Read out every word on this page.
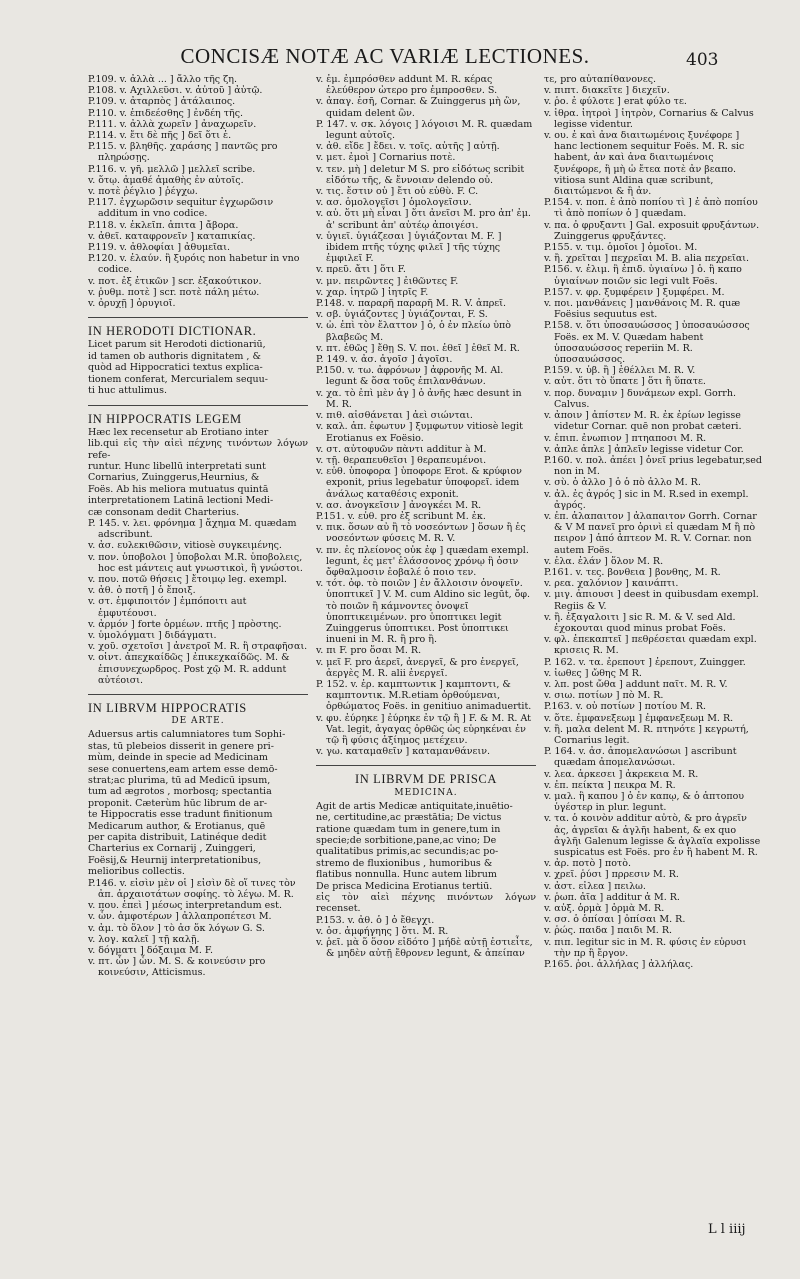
CONCISÆ NOTÆ AC VARIÆ LECTIONES.	403

P.109. v. ἀλλὰ ... ] ἄλλο τῆς ζη.

P.108. v. Αχιλλεῦσι. v. ἀὐτοῦ ] ἀὐτῷ.

P.109. v. ἀταρπὸς ] ἀτάλαιπος.

P.110. v. ἐπιδεέσθης ] ἐνδέη τῆς.

P.111. v. ἀλλὰ χωρεῖν ] ἀναχωρεῖν.

P.114. v. ἔτι δὲ πῆς ] δεῖ ὅτι ἐ.

P.115. v. βληθῆς. χαράσης ] παντῶς pro πληρώσῃς.

P.116. v. γῆ. μελλῶ ] μελλεῖ scribe.

v. ὅτῳ. ἀμαθέ ἀμαθὴς ἐν αὐτοῖς.

v. ποτὲ ῥέγλιο ] ῥέγχω.

P.117. ἐγχωρῶσιν sequitur ἐγχωρῶσιν additum in vno codice.

P.118. v. ἐκλεῖπ. ἀπιτα ] ἄβορα.

v. ἀθεῖ. καταφρονεῖν ] καταπικίας.

P.119. v. ἀθλοφίαι ] ἀθυμεῖαι.

P.120. v. ἐλαύν. ἢ ξυρόις non habetur in vno codice.

v. ποτ. ἐξ ἐτικῶν ] scr. ἐξακούτικον.

v. ῥυθμ. ποτὲ ] scr. ποτὲ πάλη μέτω.

v. ὀρυχῇ ] ὀρυγιοῖ.

IN HERODOTI DICTIONAR.
Licet parum sit Herodoti dictionariū,
id tamen ob authoris dignitatem , &
quòd ad Hippocratici textus explica-
tionem conferat, Mercurialem sequu-
ti huc attulimus.
IN HIPPOCRATIS LEGEM
Hæc lex recensetur ab Erotiano inter
lib.qui εἰς τὴν αἰεὶ πέχνης τινόντων λόγων refe-
runtur. Hunc libellū interpretati sunt
Cornarius, Zuinggerus,Heurnius, &
Foës. Ab his meliora mutuatus quintā
interpretationem Latinā lectioni Medi-
cæ consonam dedit Charterius.

P. 145. v. λει. φρόνημα ] ἄχημα M. quædam adscribunt.

v. ἀσ. ευλεκιθῶσιν, vitiosè συγκειμένης.

v. πον. ὑποβολοι ] ὑποβολαι M.R. ὑποβολεις, hoc est μάντεις aut γνωστικοὶ, ἢ γνώστοι.

v. που. ποτῶ θήσεις ] ἔτοιμῳ leg. exempl.

v. ἀθ. ὁ ποτῆ ] ὁ ἔποιξ.

v. στ. ἐμφιποιτόν ] ἐμπόποιτι aut ἐμφυτέουσι.

v. ἀρμόν ] forte ὁρμέων. πτῆς ] πρὸστης.

v. ὑμολόγματι ] διδάγματι.

v. χοῦ. σχετοῖσι ] ἀνετροῖ M. R. ἢ στραφῆσαι.

v. οἰντ. ἀπεχκαίδῶς ] ἐπικεχκαίδῶς. M. & ἐπισυνεχωρδρος. Post χῷ M. R. addunt αὐτέοισι.

IN LIBRVM HIPPOCRATIS
DE ARTE.
Aduersus artis calumniatores tum Sophi-
stas, tū plebeios disserit in genere pri-
mùm, deinde in specie ad Medicinam
sese conuertens,eam artem esse demō-
strat;ac plurima, tū ad Medicū ipsum,
tum ad ægrotos , morbosq; spectantia
proponit. Cæterùm hūc librum de ar-
te Hippocratis esse tradunt finitionum
Medicarum author, & Erotianus, quē
per capita distribuit, Latinéque dedit
Charterius ex Cornarij , Zuinggeri,
Foësij,& Heurnij interpretationibus,
melioribus collectis.

P.146. v. εἰσὶν μὲν οἱ ] εἰσὶν δὲ οἵ τινες τὸν ἀπ. ἀρχαιοτάτων σοφίης. τὸ λέγω. M. R.

v. που. ἐπεὶ ] μέσως interpretandum est.

v. ὧν. ἀμφοτέρων ] ἀλλαπροπέτεσι M.

v. ἀμ. τὸ ὅλον ] τὸ ἀσ ὅκ λόγων G. S.

v. λογ. καλεῖ ] τῇ καλῇ.

v. δόγματι ] δόξαιμα M. F.

v. πτ. ὧν ] ὧν. M. S. & κοινεύσιν pro κοινεύσιν, Atticismus.

v. ἐμ. ἐμπρόσθεν addunt M. R. κέρας ἐλεύθερον ὠτερο pro ἐμπροσθεν. S.

v. ἀπαγ. ἐσῆ, Cornar. & Zuinggerus μὴ ὢν, quidam delent ὢν.

P. 147. v. σκ. λόγοις ] λόγοισι M. R. quædam legunt αὐτοῖς.

v. ἀθ. εἴδε ] ἔδει. v. τοῖς. αὐτῆς ] αὐτῇ.

v. μετ. ἐμοὶ ] Cornarius ποτὲ.

v. τεν. μὴ ] deletur M S. pro εἰδότως scribit εἰδότω τῆς, & ἔννοιαν delendo οὐ.

v. τις. ἔστιν οὐ ] ἔτι οὐ εὐθὺ. F. C.

v. ασ. ὁμολογεῖσι ] ὁμολογεῖσιν.

v. αὐ. ὅτι μὴ εἶναι ] ὅτι ἀνεῖσι M. pro ἀπ' ἐμ. ἀ' scribunt ἀπ' αὐτέῳ ἀποιγέσι.

v. ὑγιεῖ. ὑγιάζεσαι ] ὑγιάζονται M. F. ] ibidem πτῆς τύχης φιλεῖ ] τῆς τύχης ἐμφιλεῖ F.

v. πρεῦ. ἄτι ] ὅτι F.

v. μν. πειρῶντες ] ἐιθῶντες F.

v. χαρ. ἰητρῶ ] ἰητρῖς F.

P.148. v. παραρῆ παραρῆ M. R. V. ἀπρεῖ.

v. σβ. ὑγιάζοντες ] ὑγιάζονται, F. S.

v. ὠ. ἐπὶ τὸν ἔλαττον ] ὁ, ὁ ἐν πλείω ὑπὸ βλαβεῶς M.

v. πτ. ἐθῶς ] ἔθῃ S. V. ποι. ἐθεῖ ] ἐθεῖ M. R.

P. 149. v. ἀσ. ἀγοῖσ ] ἀγοῖσι.

P.150. v. τω. ἀφρόνων ] ἀφρονῆς M. Al. legunt & ὅσα τοῦς ἐπιλανθάνων.

v. χα. τὸ ἐπὶ μὲν ἀγ ] ὁ ἀνῆς hæc desunt in M. R.

v. πιθ. αἰσθάνεται ] ἀεὶ σιώνται.

v. καλ. ἀπ. ἐφωτυν ] ξυμφωτυν vitiosè legit Erotianus ex Foësio.

v. στ. αὐτοφυῶν πὰντι additur à M.

v. τῇ. θεραπευθεῖσι ] θεραπευμένοι.

v. εὐθ. ὑποφορα ] ὑποφορε Erot. & κρύφιον exponit, prius legebatur ὑποφορεῖ. idem ἀνάλως καταθέσις exponit.

v. ασ. ἀνογκεῖσιν ] ἀνογκέει M. R.

P.151. v. εὐθ. pro ἐξ scribunt M. ἐκ.

v. πικ. ὅσων αὐ ἢ τὸ νοσεόντων ] ὅσων ἢ ἐς νοσεόντων φύσεις M. R. V.

v. πν. ἐς πλείονος οὐκ ἐφ ] quædam exempl. legunt, ἐς μετ' ἐλάσσονος χρόνῳ ἢ ὁσιν ὄφθαλμοσιν ἐοβαλέ ὁ ποιο τεν.

v. τότ. ὀφ. τὸ ποιῶν ] ἐν ἄλλοισιν ὀνοψεῖν. ὑποπτικεῖ ] V. M. cum Aldino sic legūt, ὄφ. τὸ ποιῶν ἢ κάμνοντες ὀνοψεῖ ὑποπτικειμένων. pro ὑποπτικει legit Zuinggerus ὑποπτικει. Post ὑποπτικει inueni in M. R. ἢ pro ἢ.

v. πι F. pro ὅσαι M. R.

v. μεῖ F. pro ἀερεῖ, ἀνεργεῖ, & pro ἐνεργεῖ, ἀεργὲς M. R. alii ἐνεργεῖ.

P. 152. v. ἐρ. καμπτωντικ ] καμπτοντι, & καμπτοντικ. M.R.etiam ὀρθούμεναι, ὀρθώματος Foës. in genitiuo animaduertit.

v. φυ. ἐύρηκε ] ἐύρηκε ἐν τῷ ἢ ] F. & M. R. At Vat. legit, ἀγαγας ὀρθῶς ὡς εὑρηκέναι ἐν τῷ ἢ φύσις ἀξίημος μετέχειν.

v. γω. καταμαθεῖν ] καταμανθάνειν.

IN LIBRVM DE PRISCA
MEDICINA.
Agit de artis Medicæ antiquitate,inuētio-
ne, certitudine,ac præstātia; De victus
ratione quædam tum in genere,tum in
specie;de sorbitione,pane,ac vino; De
qualitatibus primis,ac secundis;ac po-
stremo de fluxionibus , humoribus &
flatibus nonnulla. Hunc autem librum
De prisca Medicina Erotianus tertiū.
εἰς τὸν αἰεὶ πέχνης πινόντων λόγων recenset.

P.153. v. ἀθ. ὁ ] ὁ ἔθεγχι.

v. ὁσ. ἀμφήγηης ] ὅτι. M. R.

v. ῥεῖ. μὰ ὅ ὅσον εἰδότο ] μήδὲ αὐτῇ ἐστιεἶτε, & μηδὲν αὐτῇ ἔθρονεν legunt, & ἀπείπαν

τε, pro αὐταπίθανονες.

v. πιπτ. διακεῖτε ] διεχεῖν.

v. ῥο. ἐ φύλοτε ] erat φύλο τε.

v. ἰθρα. ἰητροὶ ] ἰητρὸν, Cornarius & Calvus legisse videntur.

v. ου. ἐ καὶ ἀνα διαιτωμένοις ξυνέφορε ] hanc lectionem sequitur Foës. M. R. sic habent, ἀν καὶ ἀνα διαιτωμένοις ξυνέφορε, ἢ μὴ ὡ ἔτεα ποτὲ ἀν βεαπο. vitiosa sunt Aldina quæ scribunt, διαιτώμενοι & ἢ ἀν.

P.154. v. ποπ. ἐ ἀπὸ ποπίου τὶ ] ἐ ἀπὸ ποπίου τὶ ἀπὸ ποπίων ὁ ] quædam.

v. πα. ὀ φρυξαντι ] Gal. exposuit φρυξάντων. Zuinggerus φρυξάντες.

P.155. v. τιμ. ὁμοῖοι ] ὁμοῖοι. M.

v. ἢ. χρεῖται ] πεχρεῖαι M. B. alia πεχρεῖαι.

P.156. v. ἐλιμ. ἢ ἐπιδ. ὑγιαίνω ] ὁ. ἢ καπο ὑγιαίνων ποιῶν sic legi vult Foës.

P.157. v. φρ. ξυμφέρειν ] ξυμφέρει. M.

v. ποι. μανθάνεις ] μανθάνοις M. R. quæ Foësius sequutus est.

P.158. v. ὅτι ὑποσαυώσσος ] ὑποσαυώσσος Foës. ex M. V. Quædam habent ὑποσαυώσσος reperiin M. R. ὑποσαυώσσος.

P.159. v. ὑβ. ἢ ] ἐθέλλει M. R. V.

v. αὐτ. ὅτι τὸ ὕπατε ] ὅτι ἢ ὕπατε.

v. πορ. δυναμιν ] δυνάμεων expl. Gorrh. Calvus.

v. ἀποιν ] ἀπίστεν M. R. ἐκ ἐρίων legisse videtur Cornar. quē non probat cæteri.

v. ἐπιπ. ἐνωπιον ] πτηαποσι M. R.

v. ἀπλε ἀπλε ] ἀπλεῖν legisse videtur Cor.

P.160. v. πολ. ἀπέει ] ὀνεῖ prius legebatur,sed non in M.

v. σὺ. ὁ ἀλλο ] ὁ ὁ πὸ ἀλλο M. R.

v. ἀλ. ἐς ἀγρός ] sic in M. R.sed in exempl. ἀγρός.

v. ἐπ. ἀλαπαιτον ] ἀλαπαιτον Gorrh. Cornar & V M πανεῖ pro ὁρινὶ εἰ quædam M ἢ πὸ πειρον ] ἀπό ἀπτεον M. R. V. Cornar. non autem Foës.

v. ἐλα. ἐλάν ] ὅλον M. R.

P.161. v. τες. βονθεια ] βονθης, M. R.

v. ρεα. χαλόνιον ] καινάπτι.

v. μιγ. ἀπιουσι ] deest in quibusdam exempl. Regiis & V.

v. ἢ. ἐξαγαλοιτι ] sic R. M. & V. sed Ald. ἐχοκουται quod minus probat Foës.

v. φλ. ἐπεκαπτεῖ ] πεθρέσεται quædam expl. κρισεις R. M.

P. 162. v. τα. ἐρεπουτ ] ἐρεπουτ, Zuingger.

v. ἰωθες ] ὤθης M R.

v. λπ. post ὤθα ] addunt παῖτ. M. R. V.

v. σιω. ποτίων ] πὸ M. R.

P.163. v. οὐ ποτίων ] ποτίου M. R.

v. ὅτε. ἐμφανεξεωμ ] ἐμφανεξεωμ M. R.

v. ἢ. μαλα delent M. R. πτηνότε ] κεγρωτή, Cornarius legit.

P. 164. v. ἀσ. ἀπομελανώσωι ] ascribunt quædam ἀπομελανώσωι.

v. λεα. ἀρκεσει ] ἀκρεκεια M. R.

v. ἐπ. πείκτα ] πεικρα M. R.

v. μαλ. ἢ καπου ] ὁ ἐν καπῳ, & ὁ ἀπτοπου ὑγέστερ in plur. legunt.

v. τα. ὁ κοινὸν additur αὐτὸ, & pro ἀγρεῖν ἀς, ἀγρεῖαι & ἀγλῆι habent, & ex quo ἀγλῆι Galenum legisse & ἀγλαϊα expolisse suspicatus est Foës. pro ἐν ἢ habent M. R.

v. ἀρ. ποτὸ ] ποτὸ.

v. χρεῖ. ῥύσι ] πρρεσιν M. R.

v. ἀστ. εἰλεα ] πειλω.

v. ῥωπ. ἀῖα ] additur ἀ M. R.

v. αὐξ. ὁρμὰ ] ὁρμὰ M. R.

v. σσ. ὁ ὁπίσαι ] ὀπίσαι M. R.

v. ῥώς. παιδα ] παιδι M. R.

v. πιπ. legitur sic in M. R. φύσις ἐν εὐρυσι τὴν πρ ἢ ἔργον.

P.165. ῥοι. ἀλλήλας ] ἀλλήλας.

L l iiij
